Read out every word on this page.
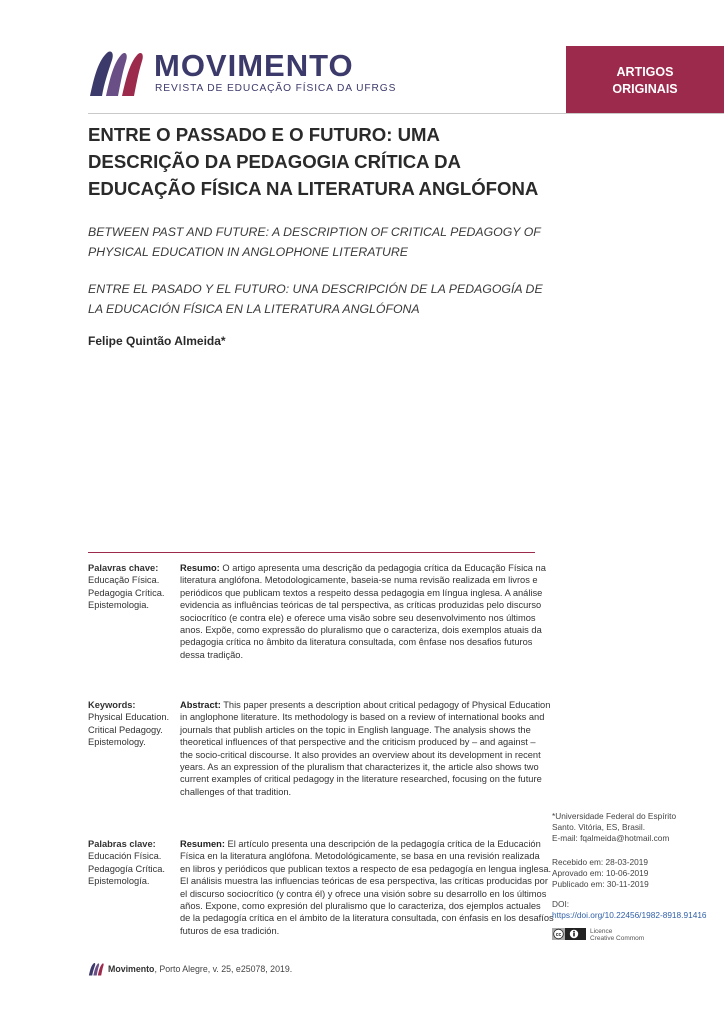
MOVIMENTO
REVISTA DE EDUCAÇÃO FÍSICA DA UFRGS
ARTIGOS
ORIGINAIS
ENTRE O PASSADO E O FUTURO: UMA
DESCRIÇÃO DA PEDAGOGIA CRÍTICA DA
EDUCAÇÃO FÍSICA NA LITERATURA ANGLÓFONA
BETWEEN PAST AND FUTURE: A DESCRIPTION OF CRITICAL PEDAGOGY OF
PHYSICAL EDUCATION IN ANGLOPHONE LITERATURE
ENTRE EL PASADO Y EL FUTURO: UNA DESCRIPCIÓN DE LA PEDAGOGÍA DE
LA EDUCACIÓN FÍSICA EN LA LITERATURA ANGLÓFONA
Felipe Quintão Almeida*
Palavras chave:
Educação Física.
Pedagogia Crítica.
Epistemologia.
Resumo: O artigo apresenta uma descrição da pedagogia crítica da Educação Física na
literatura anglófona. Metodologicamente, baseia-se numa revisão realizada em livros e
periódicos que publicam textos a respeito dessa pedagogia em língua inglesa. A análise
evidencia as influências teóricas de tal perspectiva, as críticas produzidas pelo discurso
sociocrítico (e contra ele) e oferece uma visão sobre seu desenvolvimento nos últimos
anos. Expõe, como expressão do pluralismo que o caracteriza, dois exemplos atuais da
pedagogia crítica no âmbito da literatura consultada, com ênfase nos desafios futuros
dessa tradição.
Keywords:
Physical Education.
Critical Pedagogy.
Epistemology.
Abstract: This paper presents a description about critical pedagogy of Physical Education
in anglophone literature. Its methodology is based on a review of international books and
journals that publish articles on the topic in English language. The analysis shows the
theoretical influences of that perspective and the criticism produced by – and against –
the socio-critical discourse. It also provides an overview about its development in recent
years. As an expression of the pluralism that characterizes it, the article also shows two
current examples of critical pedagogy in the literature researched, focusing on the future
challenges of that tradition.
Palabras clave:
Educación Física.
Pedagogía Crítica.
Epistemología.
Resumen: El artículo presenta una descripción de la pedagogía crítica de la Educación
Física en la literatura anglófona. Metodológicamente, se basa en una revisión realizada
en libros y periódicos que publican textos a respecto de esa pedagogía en lengua inglesa.
El análisis muestra las influencias teóricas de esa perspectiva, las críticas producidas por
el discurso sociocrítico (y contra él) y ofrece una visión sobre su desarrollo en los últimos
años. Expone, como expresión del pluralismo que lo caracteriza, dos ejemplos actuales
de la pedagogía crítica en el ámbito de la literatura consultada, con énfasis en los desafíos
futuros de esa tradición.
*Universidade Federal do Espírito
Santo. Vitória, ES, Brasil.
E-mail: fqalmeida@hotmail.com
Recebido em: 28-03-2019
Aprovado em: 10-06-2019
Publicado em: 30-11-2019
DOI:
https://doi.org/10.22456/1982-8918.91416
cc	Licence
Creative Commom
Movimento, Porto Alegre, v. 25, e25078, 2019.
